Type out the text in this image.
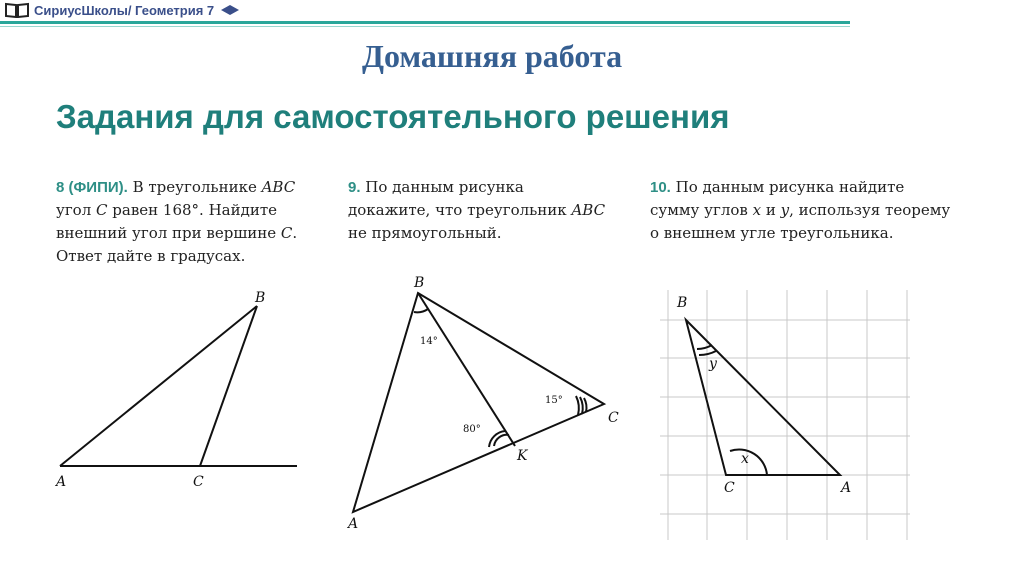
СириусШколы/ Геометрия 7
Домашняя работа
Задания для самостоятельного решения
8 (ФИПИ). В треугольнике ABC
угол C равен 168°. Найдите
внешний угол при вершине C.
Ответ дайте в градусах.
9. По данным рисунка
докажите, что треугольник ABC
не прямоугольный.
10. По данным рисунка найдите
сумму углов x и y, используя теорему
о внешнем угле треугольника.
B
A	C
B
A
C
K
14°
80°
15°
B
C	A
x
y
